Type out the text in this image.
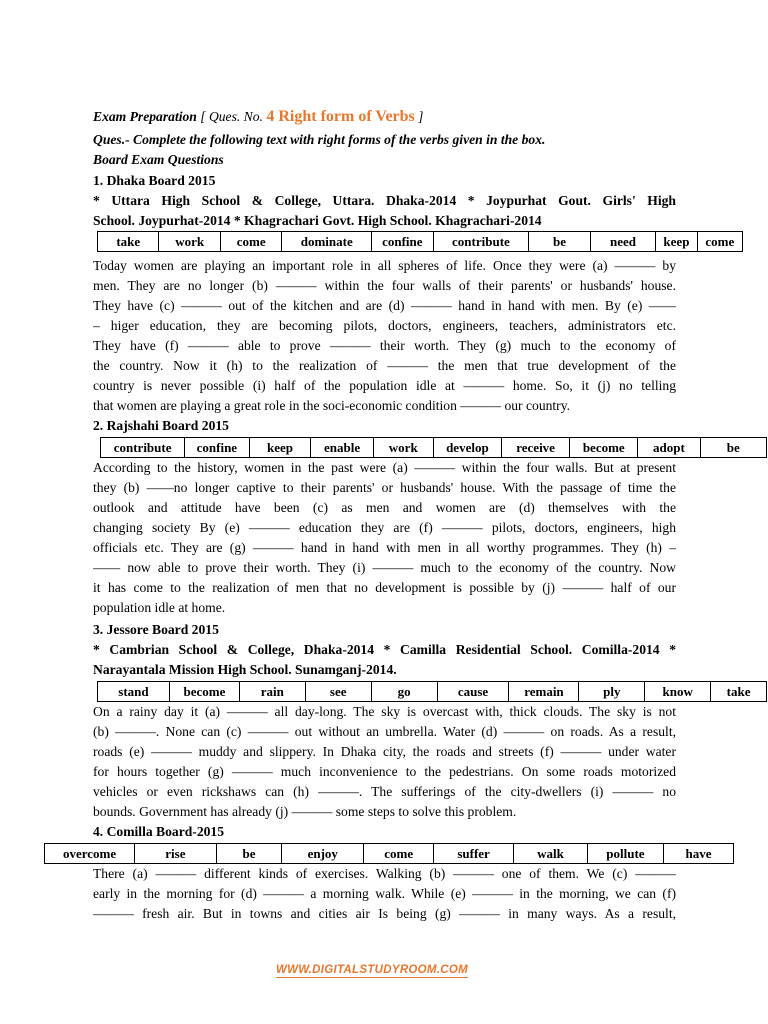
Exam Preparation [ Ques. No. 4 Right form of Verbs ]
Ques.- Complete the following text with right forms of the verbs given in the box.
Board Exam Questions
1. Dhaka Board 2015
* Uttara High School & College, Uttara. Dhaka-2014 * Joypurhat Gout. Girls' High
School. Joypurhat-2014 * Khagrachari Govt. High School. Khagrachari-2014
take	work	come	dominate	confine	contribute	be	need	keep	come
Today women are playing an important role in all spheres of life. Once they were (a) ——— by
men. They are no longer (b) ——— within the four walls of their parents' or husbands' house.
They have (c) ——— out of the kitchen and are (d) ——— hand in hand with men. By (e) ——
– higer education, they are becoming pilots, doctors, engineers, teachers, administrators etc.
They have (f) ——— able to prove ——— their worth. They (g) much to the economy of
the country. Now it (h) to the realization of ——— the men that true development of the
country is never possible (i) half of the population idle at ——— home. So, it (j) no telling
that women are playing a great role in the soci-economic condition ——— our country.
2. Rajshahi Board 2015
contribute	confine	keep	enable	work	develop	receive	become	adopt	be
According to the history, women in the past were (a) ——— within the four walls. But at present
they (b) ——no longer captive to their parents' or husbands' house. With the passage of time the
outlook and attitude have been (c) as men and women are (d) themselves with the
changing society By (e) ——— education they are (f) ——— pilots, doctors, engineers, high
officials etc. They are (g) ——— hand in hand with men in all worthy programmes. They (h) –
—— now able to prove their worth. They (i) ——— much to the economy of the country. Now
it has come to the realization of men that no development is possible by (j) ——— half of our
population idle at home.
3. Jessore Board 2015
* Cambrian School & College, Dhaka-2014 * Camilla Residential School. Comilla-2014 *
Narayantala Mission High School. Sunamganj-2014.
stand	become	rain	see	go	cause	remain	ply	know	take
On a rainy day it (a) ——— all day-long. The sky is overcast with, thick clouds. The sky is not
(b) ———. None can (c) ——— out without an umbrella. Water (d) ——— on roads. As a result,
roads (e) ——— muddy and slippery. In Dhaka city, the roads and streets (f) ——— under water
for hours together (g) ——— much inconvenience to the pedestrians. On some roads motorized
vehicles or even rickshaws can (h) ———. The sufferings of the city-dwellers (i) ——— no
bounds. Government has already (j) ——— some steps to solve this problem.
4. Comilla Board-2015
overcome	rise	be	enjoy	come	suffer	walk	pollute	have
There (a) ——— different kinds of exercises. Walking (b) ——— one of them. We (c) ———
early in the morning for (d) ——— a morning walk. While (e) ——— in the morning, we can (f)
——— fresh air. But in towns and cities air Is being (g) ——— in many ways. As a result,
WWW.DIGITALSTUDYROOM.COM
